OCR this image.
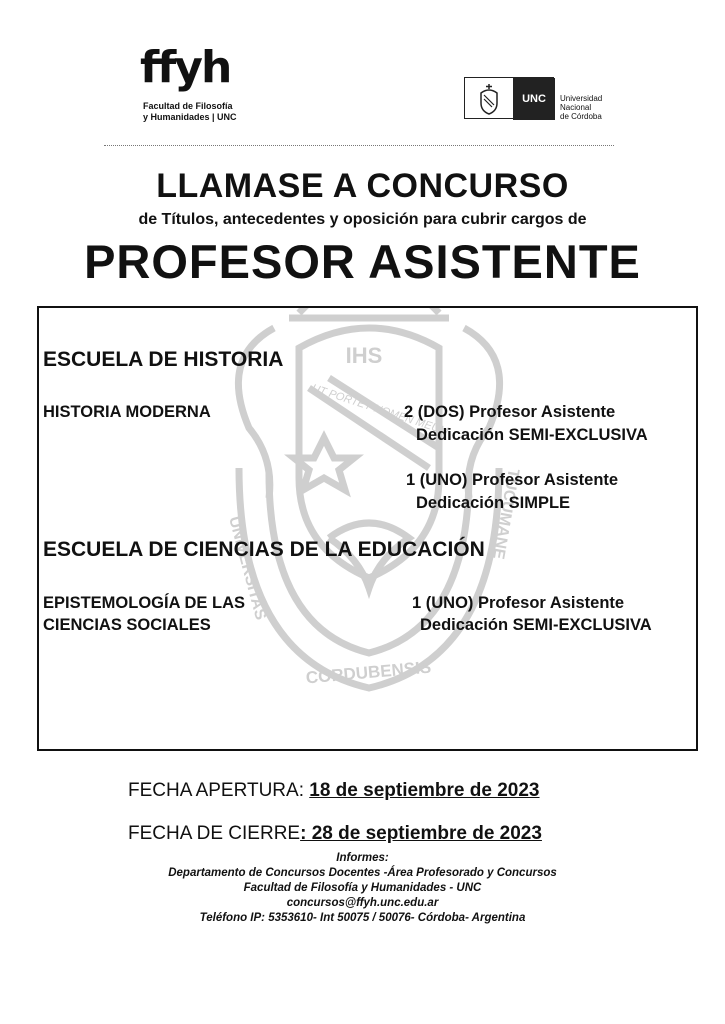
ffyh
Facultad de Filosofía
y Humanidades | UNC
UNC	Universidad
Nacional
de Córdoba
LLAMASE A CONCURSO
de Títulos, antecedentes y oposición para cubrir cargos de
PROFESOR ASISTENTE
IHS
UT PORTET NOMEN MEUM
UNIVERSITAS
TUCUMANE
CORDUBENSIS
ESCUELA DE HISTORIA
HISTORIA MODERNA	2 (DOS) Profesor Asistente
Dedicación SEMI-EXCLUSIVA
1 (UNO) Profesor Asistente
Dedicación SIMPLE
ESCUELA DE CIENCIAS DE LA EDUCACIÓN
EPISTEMOLOGÍA DE LAS
CIENCIAS SOCIALES
1 (UNO) Profesor Asistente
Dedicación SEMI-EXCLUSIVA
FECHA APERTURA: 18 de septiembre de 2023
FECHA DE CIERRE: 28 de septiembre de 2023
Informes:
Departamento de Concursos Docentes -Área Profesorado y Concursos
Facultad de Filosofía y Humanidades - UNC
concursos@ffyh.unc.edu.ar
Teléfono IP: 5353610- Int 50075 / 50076- Córdoba- Argentina
